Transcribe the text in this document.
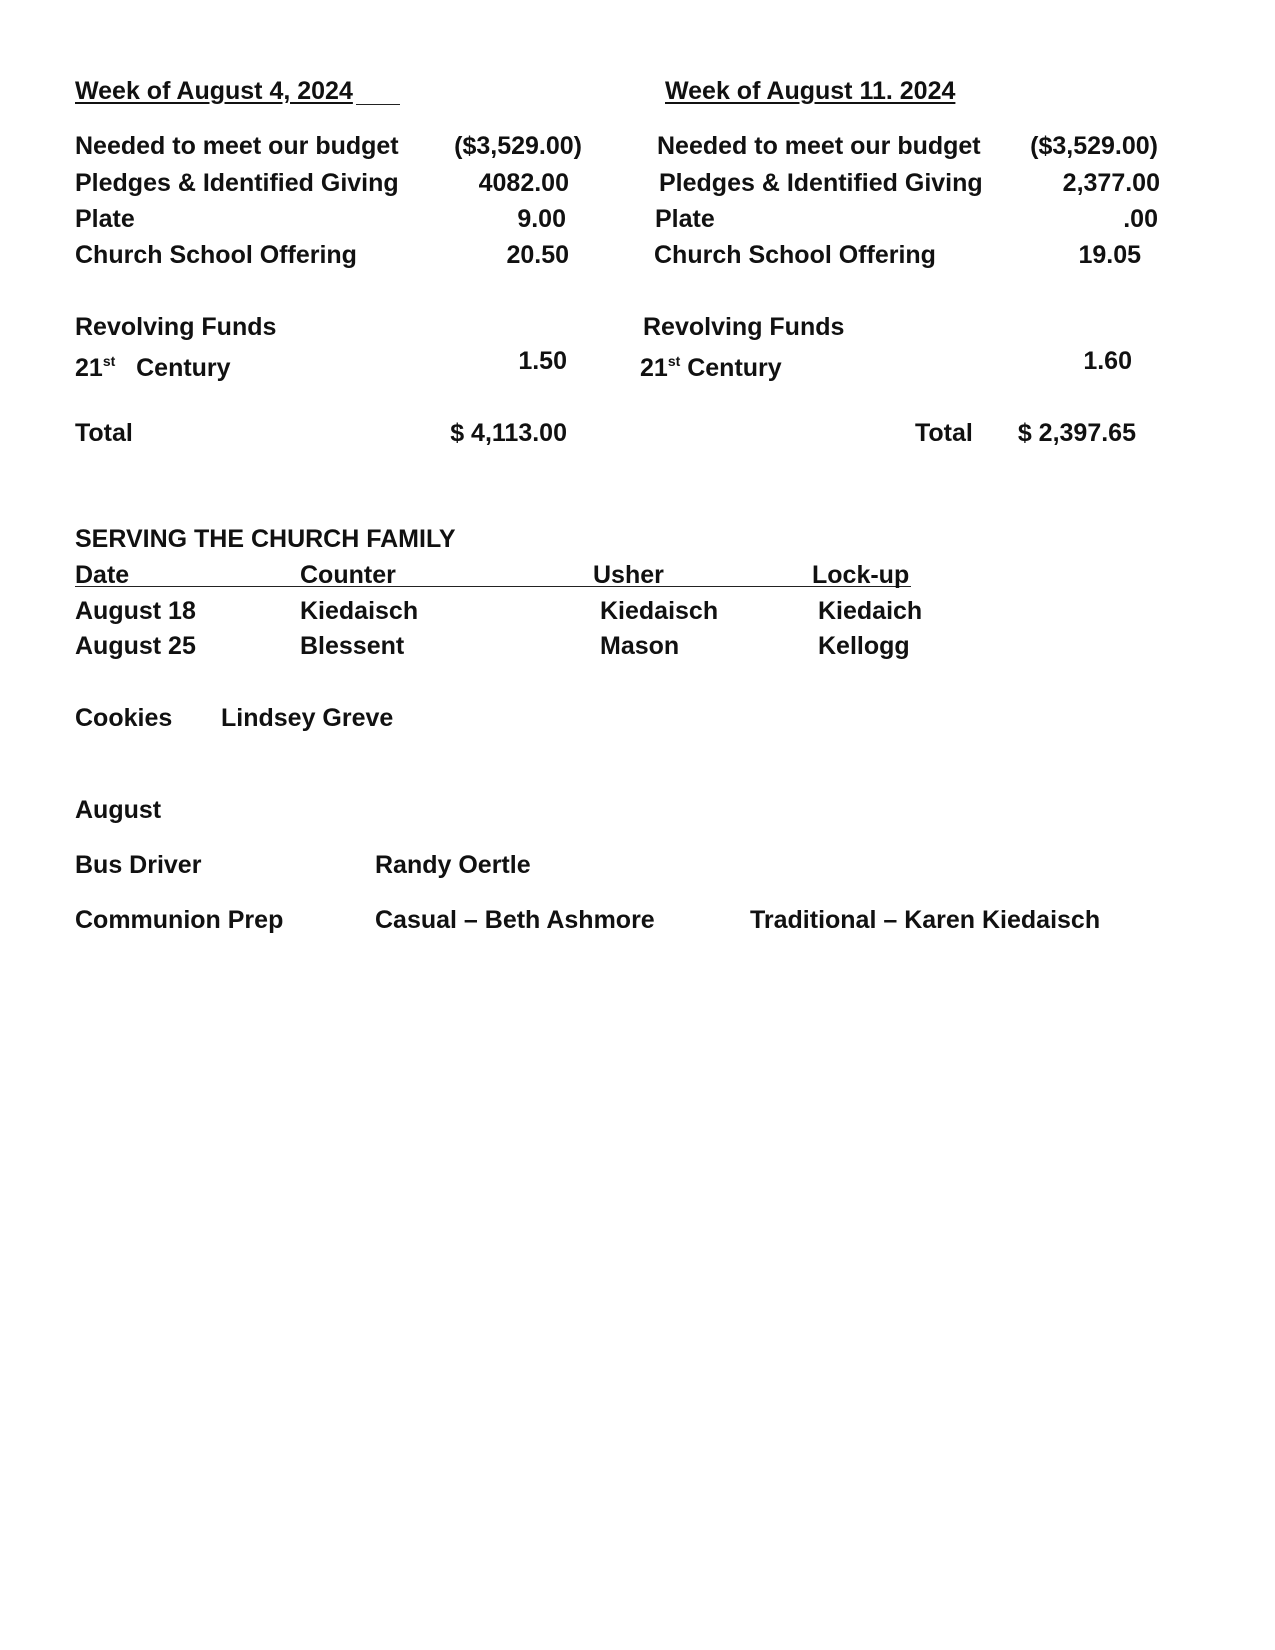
Week of August 4, 2024
Needed to meet our budget	($3,529.00)
Pledges & Identified Giving	4082.00
Plate	9.00
Church School Offering	20.50
Revolving Funds
21st Century	1.50
Total	$ 4,113.00
Week of August 11. 2024
Needed to meet our budget	($3,529.00)
Pledges & Identified Giving	2,377.00
Plate	.00
Church School Offering	19.05
Revolving Funds
21st Century	1.60
Total	$ 2,397.65
SERVING THE CHURCH FAMILY
Date	Counter	Usher	Lock-up
August 18	Kiedaisch	Kiedaisch	Kiedaich
August 25	Blessent	Mason	Kellogg
Cookies Lindsey Greve
August
Bus Driver	Randy Oertle
Communion Prep	Casual – Beth Ashmore	Traditional – Karen Kiedaisch
